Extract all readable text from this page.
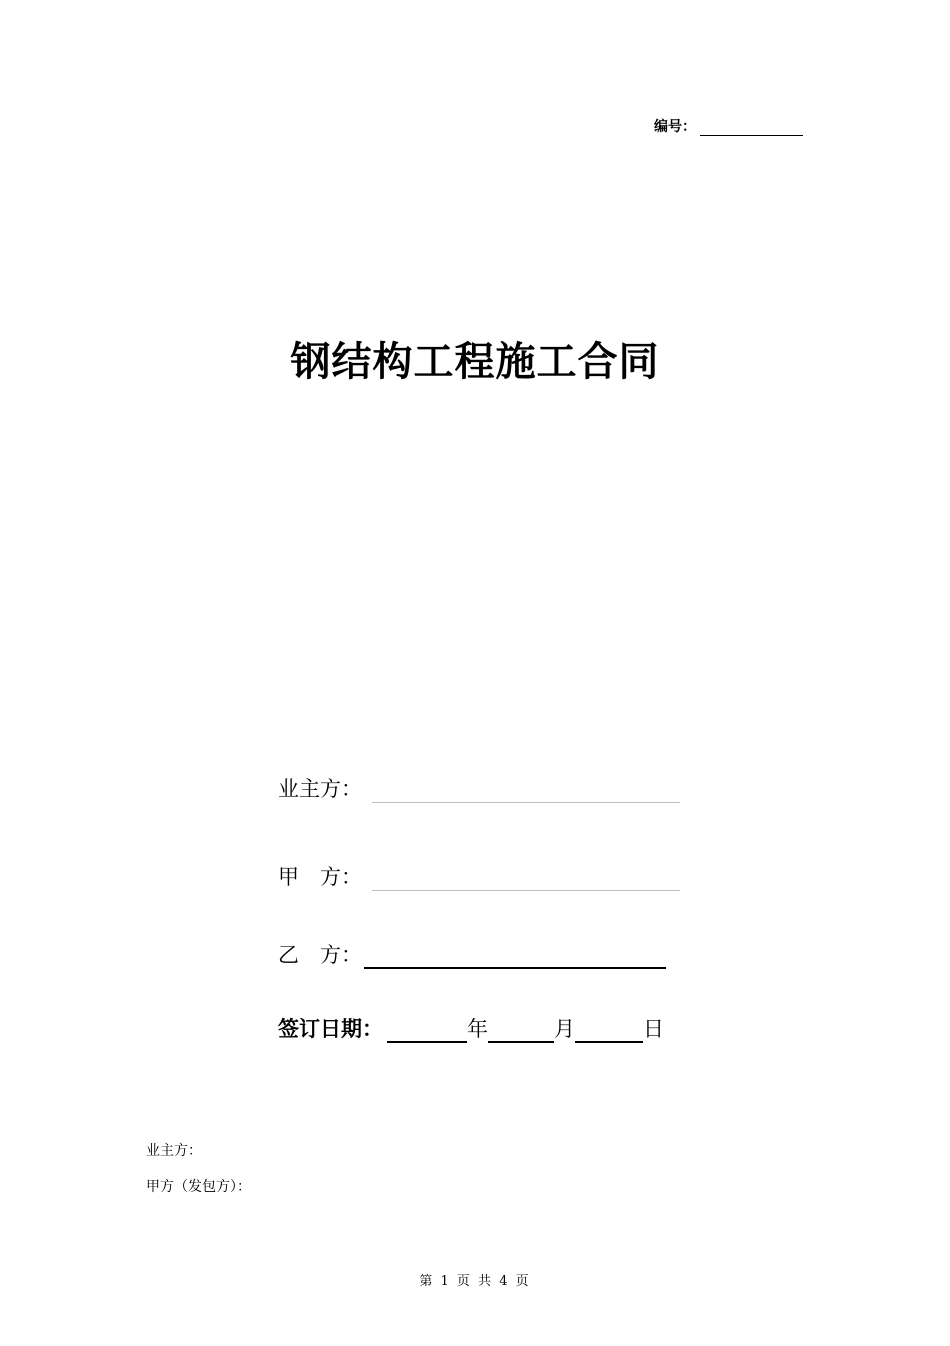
编号：
钢结构工程施工合同
业主方：
甲　方：
乙　方：
签订日期：	年	月	日
业主方：
甲方（发包方）：
第 1 页 共 4 页
